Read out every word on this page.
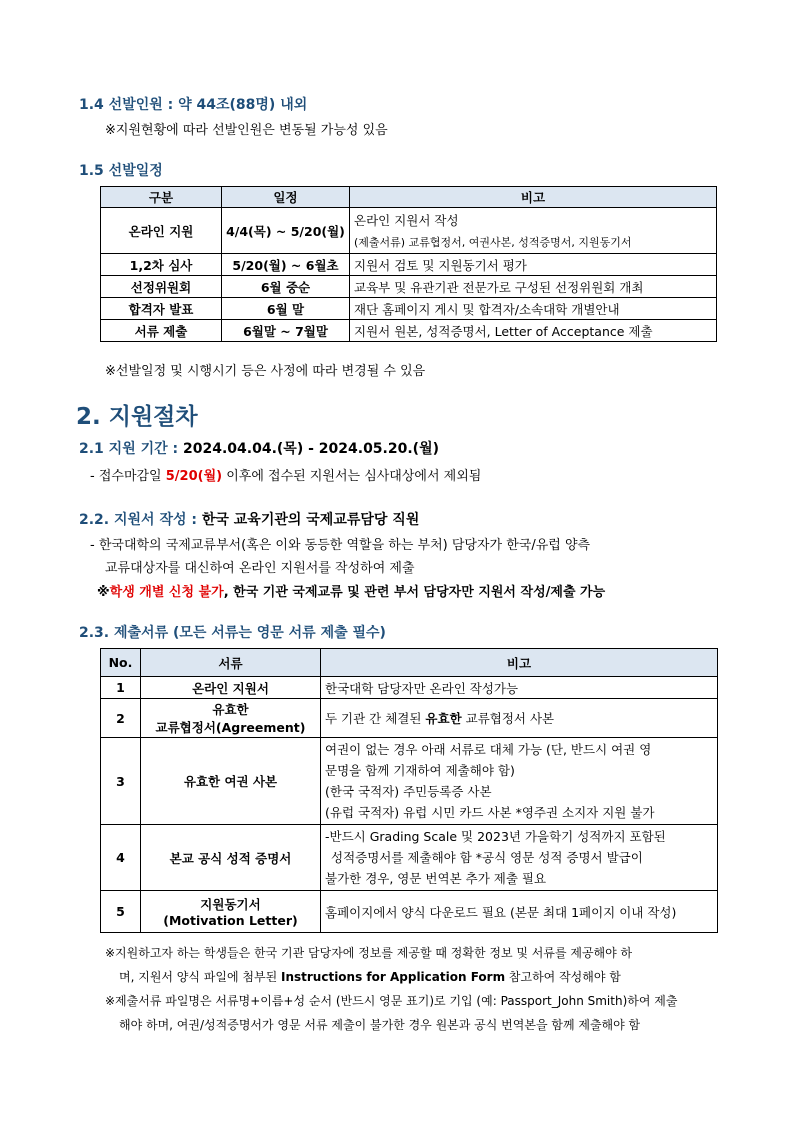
1.4 선발인원 : 약 44조(88명) 내외
※지원현황에 따라 선발인원은 변동될 가능성 있음
1.5 선발일정
구분	일정	비고
온라인 지원	4/4(목) ~ 5/20(월)	온라인 지원서 작성
(제출서류) 교류협정서, 여권사본, 성적증명서, 지원동기서

1,2차 심사	5/20(월) ~ 6월초	지원서 검토 및 지원동기서 평가
선정위원회	6월 중순	교육부 및 유관기관 전문가로 구성된 선정위원회 개최
합격자 발표	6월 말	재단 홈페이지 게시 및 합격자/소속대학 개별안내
서류 제출	6월말 ~ 7월말	지원서 원본, 성적증명서, Letter of Acceptance 제출
※선발일정 및 시행시기 등은 사정에 따라 변경될 수 있음
2. 지원절차
2.1 지원 기간 : 2024.04.04.(목) - 2024.05.20.(월)
- 접수마감일 5/20(월) 이후에 접수된 지원서는 심사대상에서 제외됨
2.2. 지원서 작성 : 한국 교육기관의 국제교류담당 직원
- 한국대학의 국제교류부서(혹은 이와 동등한 역할을 하는 부처) 담당자가 한국/유럽 양측
교류대상자를 대신하여 온라인 지원서를 작성하여 제출
※학생 개별 신청 불가, 한국 기관 국제교류 및 관련 부서 담당자만 지원서 작성/제출 가능
2.3. 제출서류 (모든 서류는 영문 서류 제출 필수)
No.	서류	비고
1	온라인 지원서	한국대학 담당자만 온라인 작성가능
2	유효한
교류협정서(Agreement)	두 기관 간 체결된 유효한 교류협정서 사본
3	유효한 여권 사본	여권이 없는 경우 아래 서류로 대체 가능 (단, 반드시 여권 영
문명을 함께 기재하여 제출해야 함)
(한국 국적자) 주민등록증 사본
(유럽 국적자) 유럽 시민 카드 사본 *영주권 소지자 지원 불가

4	본교 공식 성적 증명서	-반드시 Grading Scale 및 2023년 가을학기 성적까지 포함된
성적증명서를 제출해야 함 *공식 영문 성적 증명서 발급이
불가한 경우, 영문 번역본 추가 제출 필요

5	지원동기서
(Motivation Letter)	홈페이지에서 양식 다운로드 필요 (본문 최대 1페이지 이내 작성)
※지원하고자 하는 학생들은 한국 기관 담당자에 정보를 제공할 때 정확한 정보 및 서류를 제공해야 하
며, 지원서 양식 파일에 첨부된 Instructions for Application Form 참고하여 작성해야 함
※제출서류 파일명은 서류명+이름+성 순서 (반드시 영문 표기)로 기입 (예: Passport_John Smith)하여 제출
해야 하며, 여권/성적증명서가 영문 서류 제출이 불가한 경우 원본과 공식 번역본을 함께 제출해야 함
